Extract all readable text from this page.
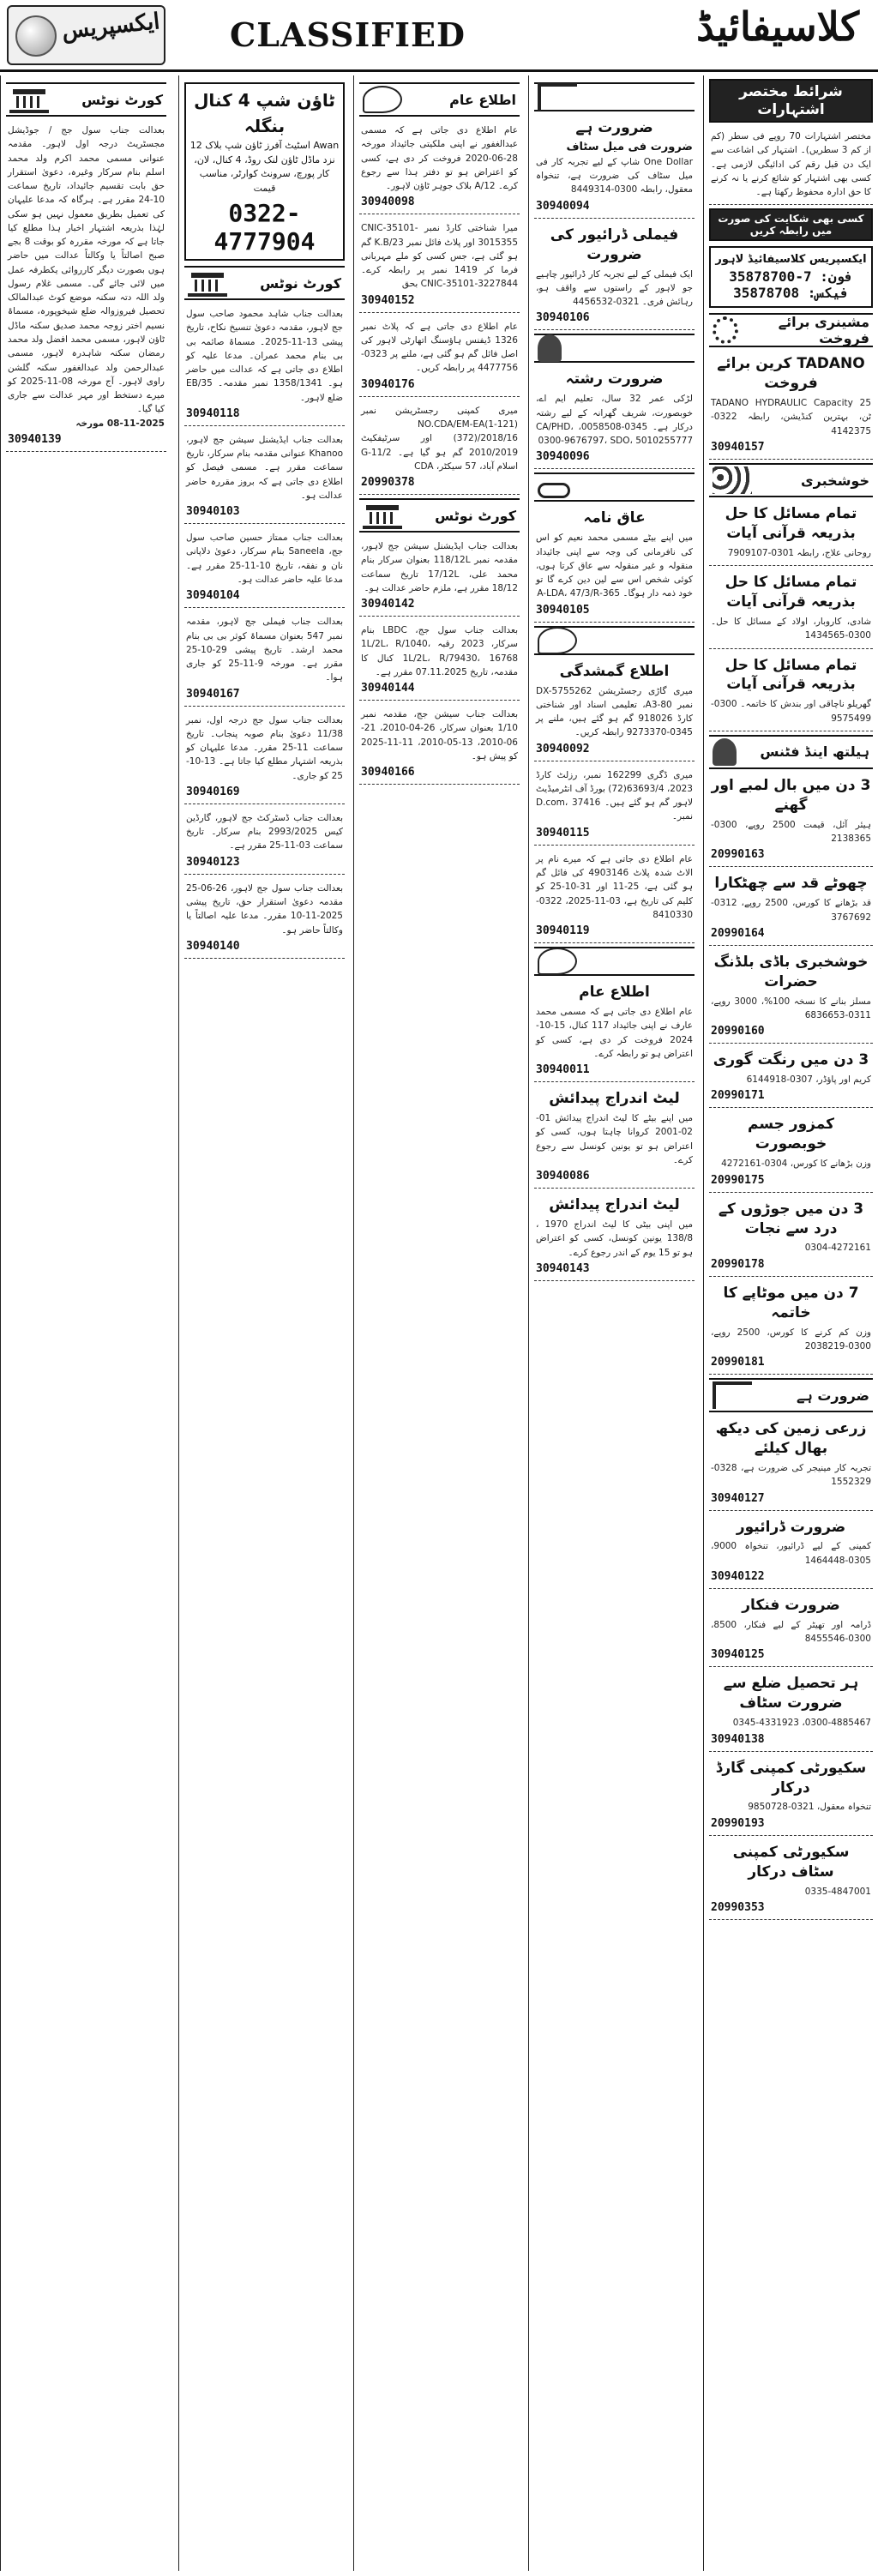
ایکسپریس CLASSIFIED	کلاسیفائیڈ
کورٹ نوٹس
بعدالت جناب سول جج / جوڈیشل مجسٹریٹ درجہ اول لاہور۔ مقدمہ عنوانی مسمی محمد اکرم ولد محمد اسلم بنام سرکار وغیرہ، دعویٰ استقرار حق بابت تقسیم جائیداد، تاریخ سماعت 10-24 مقرر ہے۔ ہرگاہ کہ مدعا علیہان کی تعمیل بطریق معمول نہیں ہو سکی لہٰذا بذریعہ اشتہار اخبار ہذا مطلع کیا جاتا ہے کہ مورخہ مقررہ کو بوقت 8 بجے صبح اصالتاً یا وکالتاً عدالت میں حاضر ہوں بصورت دیگر کارروائی یکطرفہ عمل میں لائی جائے گی۔ مسمی غلام رسول ولد اللہ دتہ سکنہ موضع کوٹ عبدالمالک تحصیل فیروزوالہ ضلع شیخوپورہ، مسماۃ نسیم اختر زوجہ محمد صدیق سکنہ ماڈل ٹاؤن لاہور، مسمی محمد افضل ولد محمد رمضان سکنہ شاہدرہ لاہور، مسمی عبدالرحمن ولد عبدالغفور سکنہ گلشن راوی لاہور۔ آج مورخہ 08-11-2025 کو میرے دستخط اور مہر عدالت سے جاری کیا گیا۔
08-11-2025 مورخہ
30940139
ٹاؤن شپ 4 کنال بنگلہ
Awan اسٹیٹ آفرز ٹاؤن شپ بلاک 12 نزد ماڈل ٹاؤن لنک روڈ، 4 کنال، لان، کار پورچ، سرونٹ کوارٹر، مناسب قیمت
0322-4777904
کورٹ نوٹس
بعدالت جناب شاہد محمود صاحب سول جج لاہور، مقدمہ دعویٰ تنسیخ نکاح، تاریخ پیشی 13-11-2025۔ مسماۃ صائمہ بی بی بنام محمد عمران۔ مدعا علیہ کو اطلاع دی جاتی ہے کہ عدالت میں حاضر ہو۔ 1358/1341 نمبر مقدمہ۔ 35/EB ضلع لاہور۔
30940118
بعدالت جناب ایڈیشنل سیشن جج لاہور، Khanoo عنوانی مقدمہ بنام سرکار، تاریخ سماعت مقرر ہے۔ مسمی فیصل کو اطلاع دی جاتی ہے کہ بروز مقررہ حاضر عدالت ہو۔
30940103
بعدالت جناب ممتاز حسین صاحب سول جج، Saneela بنام سرکار، دعویٰ دلاپانی نان و نفقہ، تاریخ 10-11-25 مقرر ہے۔ مدعا علیہ حاضر عدالت ہو۔
30940104
بعدالت جناب فیملی جج لاہور، مقدمہ نمبر 547 بعنوان مسماۃ کوثر بی بی بنام محمد ارشد۔ تاریخ پیشی 29-10-25 مقرر ہے۔ مورخہ 9-11-25 کو جاری ہوا۔
30940167
بعدالت جناب سول جج درجہ اول، نمبر 11/38 دعویٰ بنام صوبہ پنجاب۔ تاریخ سماعت 11-25 مقرر۔ مدعا علیہان کو بذریعہ اشتہار مطلع کیا جاتا ہے۔ 13-10-25 کو جاری۔
30940169
بعدالت جناب ڈسٹرکٹ جج لاہور، گارڈین کیس 2993/2025 بنام سرکار۔ تاریخ سماعت 03-11-25 مقرر ہے۔
30940123
بعدالت جناب سول جج لاہور، 26-06-25 مقدمہ دعویٰ استقرار حق، تاریخ پیشی 2025-11-10 مقرر۔ مدعا علیہ اصالتاً یا وکالتاً حاضر ہو۔
30940140
اطلاع عام
عام اطلاع دی جاتی ہے کہ مسمی عبدالغفور نے اپنی ملکیتی جائیداد مورخہ 28-06-2020 فروخت کر دی ہے، کسی کو اعتراض ہو تو دفتر ہذا سے رجوع کرے۔ 12/A بلاک جوہر ٹاؤن لاہور۔
30940098
میرا شناختی کارڈ نمبر CNIC-35101-3015355 اور پلاٹ فائل نمبر 23/K.B گم ہو گئی ہے، جس کسی کو ملے مہربانی فرما کر 1419 نمبر پر رابطہ کرے۔ CNIC-35101-3227844 بحق
30940152
عام اطلاع دی جاتی ہے کہ پلاٹ نمبر 1326 ڈیفنس ہاؤسنگ اتھارٹی لاہور کی اصل فائل گم ہو گئی ہے، ملنے پر 0323-4477756 پر رابطہ کریں۔
30940176
میری کمپنی رجسٹریشن نمبر NO.CDA/EM-EA(1-121)(372)/2018/16 اور سرٹیفکیٹ 2010/2019 گم ہو گیا ہے۔ G-11/2 اسلام آباد، 57 سیکٹر، CDA
20990378
کورٹ نوٹس
بعدالت جناب ایڈیشنل سیشن جج لاہور، مقدمہ نمبر 118/12L بعنوان سرکار بنام محمد علی، 17/12L تاریخ سماعت 18/12 مقرر ہے، ملزم حاضر عدالت ہو۔
30940142
بعدالت جناب سول جج، LBDC بنام سرکار، 2023 رقبہ 1L/2L، R/1040، 1L/2L، R/79430، 16768 کنال کا مقدمہ، تاریخ 07.11.2025 مقرر ہے۔
30940144
بعدالت جناب سیشن جج، مقدمہ نمبر 1/10 بعنوان سرکار، 26-04-2010، 21-06-2010، 13-05-2010، 11-11-2025 کو پیش ہو۔
30940166
ضرورت ہے
ضرورت فی میل سٹاف
One Dollar شاپ کے لیے تجربہ کار فی میل سٹاف کی ضرورت ہے، تنخواہ معقول، رابطہ 0300-8449314
30940094
فیملی ڈرائیور کی ضرورت
ایک فیملی کے لیے تجربہ کار ڈرائیور چاہیے جو لاہور کے راستوں سے واقف ہو، رہائش فری۔ 0321-4456532
30940106
ضرورت رشتہ
لڑکی عمر 32 سال، تعلیم ایم اے، خوبصورت، شریف گھرانہ کے لیے رشتہ درکار ہے۔ 0345-0058508، CA/PHD، 0300-9676797، SDO، 5010255777
30940096
عاق نامہ
میں اپنے بیٹے مسمی محمد نعیم کو اس کی نافرمانی کی وجہ سے اپنی جائیداد منقولہ و غیر منقولہ سے عاق کرتا ہوں، کوئی شخص اس سے لین دین کرے گا تو خود ذمہ دار ہوگا۔ 365-A-LDA، 47/3/R
30940105
اطلاع گمشدگی
میری گاڑی رجسٹریشن DX-5755262 نمبر A3-80، تعلیمی اسناد اور شناختی کارڈ 918026 گم ہو گئے ہیں، ملنے پر 0345-9273370 رابطہ کریں۔
30940092
میری ڈگری 162299 نمبر، رزلٹ کارڈ 2023، 63693/4(72) بورڈ آف انٹرمیڈیٹ لاہور گم ہو گئے ہیں۔ D.com، 37416 نمبر۔
30940115
عام اطلاع دی جاتی ہے کہ میرے نام پر الاٹ شدہ پلاٹ 4903146 کی فائل گم ہو گئی ہے، 25-11 اور 31-10-25 کو کلیم کی تاریخ ہے، 03-11-2025، 0322-8410330
30940119
اطلاع عام
عام اطلاع دی جاتی ہے کہ مسمی محمد عارف نے اپنی جائیداد 117 کنال، 15-10-2024 فروخت کر دی ہے، کسی کو اعتراض ہو تو رابطہ کرے۔
30940011
لیٹ اندراج پیدائش
میں اپنے بیٹے کا لیٹ اندراج پیدائش 01-02-2001 کروانا چاہتا ہوں، کسی کو اعتراض ہو تو یونین کونسل سے رجوع کرے۔
30940086
لیٹ اندراج پیدائش
میں اپنی بیٹی کا لیٹ اندراج 1970 ، 138/8 یونین کونسل، کسی کو اعتراض ہو تو 15 یوم کے اندر رجوع کرے۔
30940143
شرائط مختصر اشتہارات
مختصر اشتہارات 70 روپے فی سطر (کم از کم 3 سطریں)۔ اشتہار کی اشاعت سے ایک دن قبل رقم کی ادائیگی لازمی ہے۔ کسی بھی اشتہار کو شائع کرنے یا نہ کرنے کا حق ادارہ محفوظ رکھتا ہے۔
کسی بھی شکایت کی صورت میں رابطہ کریں
ایکسپریس کلاسیفائیڈ لاہور
35878700-7 :فون
35878708 :فیکس
مشینری برائے فروخت
TADANO کرین برائے فروخت
TADANO HYDRAULIC Capacity 25 ٹن، بہترین کنڈیشن، رابطہ 0322-4142375
30940157
خوشخبری
تمام مسائل کا حل بذریعہ قرآنی آیات
روحانی علاج، رابطہ 0301-7909107
تمام مسائل کا حل بذریعہ قرآنی آیات
شادی، کاروبار، اولاد کے مسائل کا حل۔ 0300-1434565
تمام مسائل کا حل بذریعہ قرآنی آیات
گھریلو ناچاقی اور بندش کا خاتمہ۔ 0300-9575499
ہیلتھ اینڈ فٹنس
3 دن میں بال لمبے اور گھنے
ہیئر آئل، قیمت 2500 روپے، 0300-2138365
20990163
چھوٹے قد سے چھٹکارا
قد بڑھانے کا کورس، 2500 روپے، 0312-3767692
20990164
خوشخبری باڈی بلڈنگ حضرات
مسلز بنانے کا نسخہ 100%، 3000 روپے، 0311-6836653
20990160
3 دن میں رنگت گوری
کریم اور پاؤڈر، 0307-6144918
20990171
کمزور جسم خوبصورت
وزن بڑھانے کا کورس، 0304-4272161
20990175
3 دن میں جوڑوں کے درد سے نجات
0304-4272161
20990178
7 دن میں موٹاپے کا خاتمہ
وزن کم کرنے کا کورس، 2500 روپے، 0300-2038219
20990181
ضرورت ہے
زرعی زمین کی دیکھ بھال کیلئے
تجربہ کار مینیجر کی ضرورت ہے، 0328-1552329
30940127
ضرورت ڈرائیور
کمپنی کے لیے ڈرائیور، تنخواہ 9000، 0305-1464448
30940122
ضرورت فنکار
ڈرامہ اور تھیٹر کے لیے فنکار، 8500، 0300-8455546
30940125
ہر تحصیل ضلع سے ضرورت سٹاف
0300-4885467، 0345-4331923
30940138
سکیورٹی کمپنی گارڈ درکار
تنخواہ معقول، 0321-9850728
20990193
سکیورٹی کمپنی سٹاف درکار
0335-4847001
20990353
